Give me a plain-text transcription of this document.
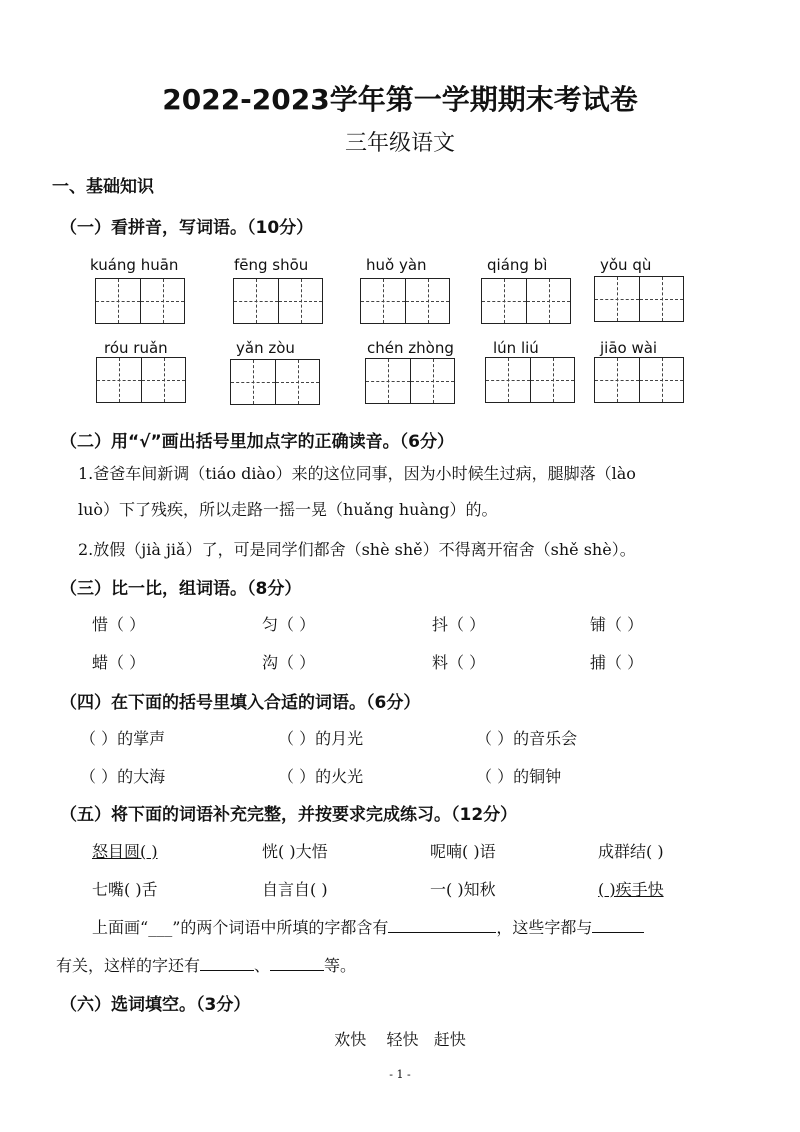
2022-2023学年第一学期期末考试卷
三年级语文
一、基础知识
（一）看拼音，写词语。（10分）
kuáng huān	fēng shōu	huǒ yàn	qiáng bì	yǒu qù
róu ruǎn	yǎn zòu	chén zhòng	lún liú	jiāo wài
（二）用“√”画出括号里加点字的正确读音。（6分）
1.爸爸车间新调（tiáo diào）来的这位同事，因为小时候生过病，腿脚落（lào
luò）下了残疾，所以走路一摇一晃（huǎng huàng）的。
2.放假（jià jiǎ）了，可是同学们都舍（shè shě）不得离开宿舍（shě shè）。
（三）比一比，组词语。（8分）
惜（ ）	匀（ ）	抖（ ）	铺（ ）
蜡（ ）	沟（ ）	料（ ）	捕（ ）
（四）在下面的括号里填入合适的词语。（6分）
（ ）的掌声	（ ）的月光	（ ）的音乐会
（ ）的大海	（ ）的火光	（ ）的铜钟
（五）将下面的词语补充完整，并按要求完成练习。（12分）
怒目圆( )	恍( )大悟	呢喃( )语	成群结( )
七嘴( )舌	自言自( )	一( )知秋	( )疾手快
上面画“___”的两个词语中所填的字都含有	，这些字都与
有关，这样的字还有	、	等。
（六）选词填空。（3分）
欢快    轻快   赶快
- 1 -
